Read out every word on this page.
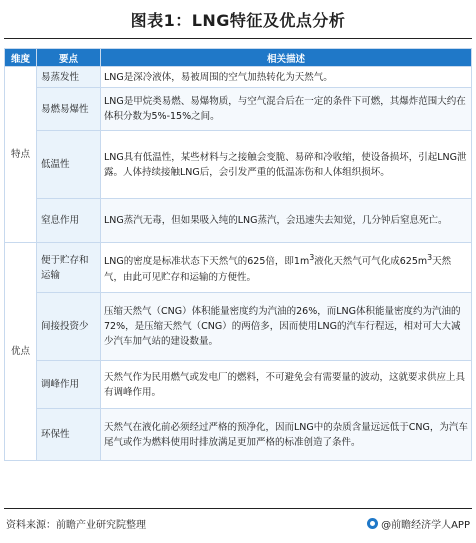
图表1：LNG特征及优点分析
维度	要点	相关描述
特点	易蒸发性	LNG是深冷液体，易被周围的空气加热转化为天然气。
	易燃易爆性	LNG是甲烷类易燃、易爆物质，与空气混合后在一定的条件下可燃，其爆炸范围大约在体积分数为5%-15%之间。
	低温性	LNG具有低温性，某些材料与之接触会变脆、易碎和冷收缩，使设备损坏，引起LNG泄露。人体持续接触LNG后，会引发严重的低温冻伤和人体组织损坏。
	窒息作用	LNG蒸汽无毒，但如果吸入纯的LNG蒸汽，会迅速失去知觉，几分钟后窒息死亡。
优点	便于贮存和运输	LNG的密度是标准状态下天然气的625倍，即$1m^3$液化天然气可气化成$625m^3$天然气，由此可见贮存和运输的方便性。
	间接投资少	压缩天然气（CNG）体积能量密度约为汽油的26%，而LNG体积能量密度约为汽油的72%，是压缩天然气（CNG）的两倍多，因而使用LNG的汽车行程远，相对可大大减少汽车加气站的建设数量。
	调峰作用	天然气作为民用燃气或发电厂的燃料，不可避免会有需要量的波动，这就要求供应上具有调峰作用。
	环保性	天然气在液化前必须经过严格的预净化，因而LNG中的杂质含量远远低于CNG，为汽车尾气或作为燃料使用时排放满足更加严格的标准创造了条件。
资料来源：前瞻产业研究院整理	@前瞻经济学人APP
